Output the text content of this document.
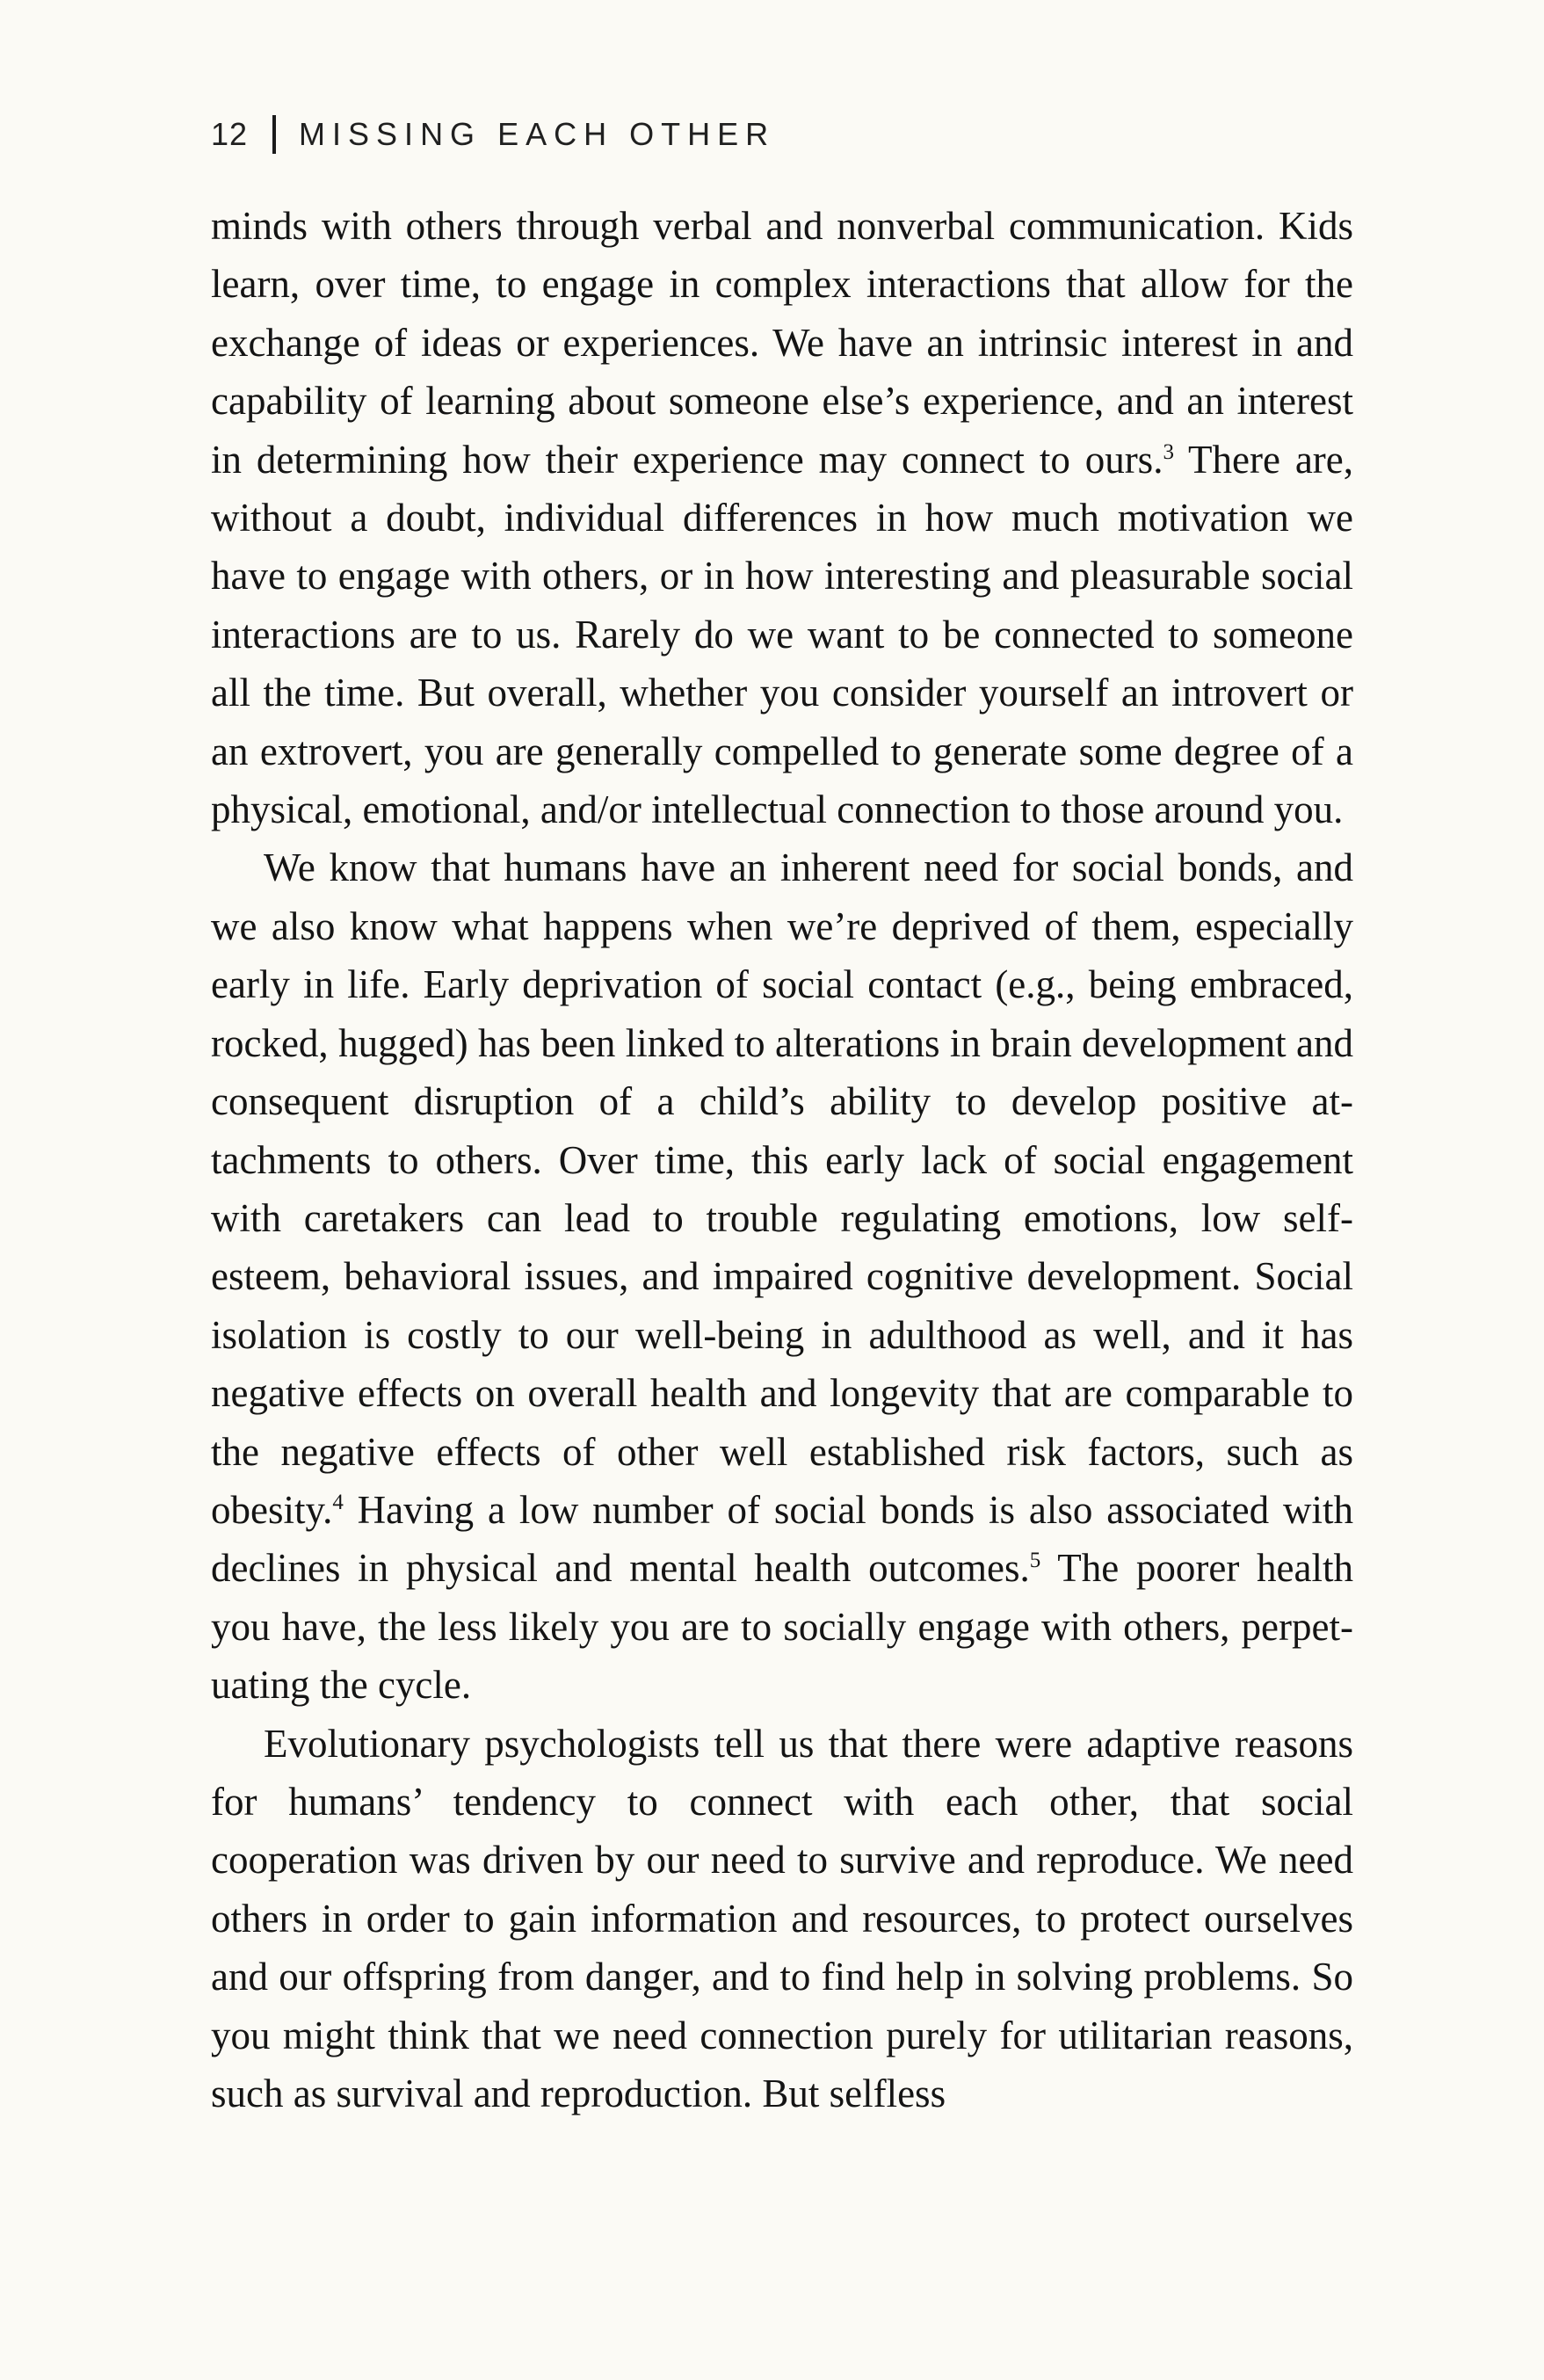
12 MISSING EACH OTHER

minds with others through verbal and nonverbal communication. Kids learn, over time, to engage in complex interactions that allow for the exchange of ideas or experiences. We have an intrinsic interest in and capability of learning about someone else’s experience, and an interest in determining how their experience may connect to ours.$^3$ There are, without a doubt, individual differences in how much motivation we have to engage with others, or in how interesting and pleasurable social interactions are to us. Rarely do we want to be connected to someone all the time. But overall, whether you consider yourself an introvert or an extrovert, you are generally compelled to generate some degree of a physical, emotional, and/or intellectual connection to those around you.

We know that humans have an inherent need for social bonds, and we also know what happens when we’re deprived of them, especially early in life. Early deprivation of social contact (e.g., being embraced, rocked, hugged) has been linked to alterations in brain development and consequent disruption of a child’s ability to develop positive attachments to others. Over time, this early lack of social engagement with caretakers can lead to trouble regulating emotions, low self-esteem, behavioral issues, and impaired cognitive development. Social isolation is costly to our well-being in adulthood as well, and it has negative effects on overall health and longevity that are comparable to the negative effects of other well established risk factors, such as obesity.$^4$ Having a low number of social bonds is also associated with declines in physical and mental health outcomes.$^5$ The poorer health you have, the less likely you are to socially engage with others, perpetuating the cycle.

Evolutionary psychologists tell us that there were adaptive reasons for humans’ tendency to connect with each other, that social cooperation was driven by our need to survive and reproduce. We need others in order to gain information and resources, to protect ourselves and our offspring from danger, and to find help in solving problems. So you might think that we need connection purely for utilitarian reasons, such as survival and reproduction. But selfless
